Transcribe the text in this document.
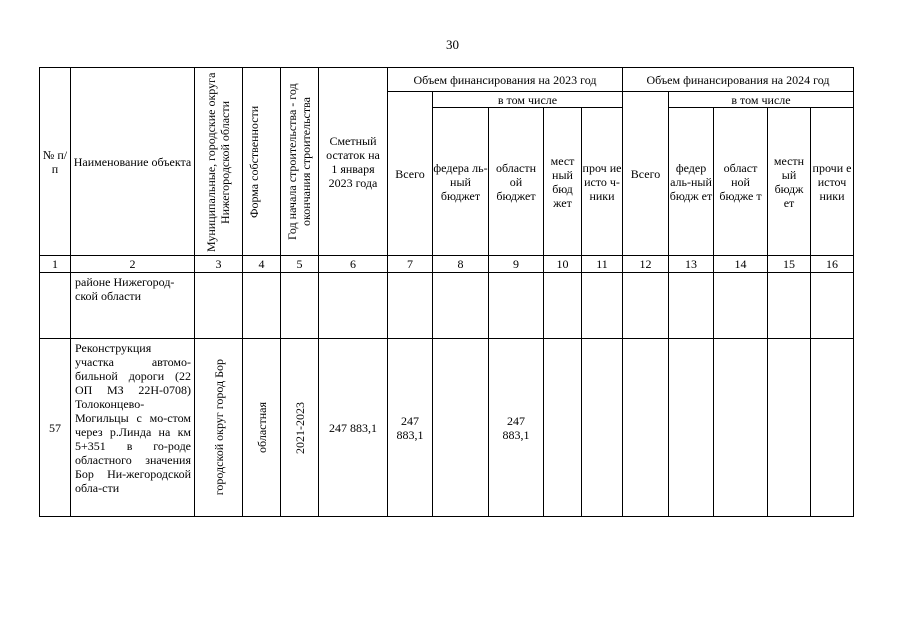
30
№ п/п	Наименование объекта	Муниципальные, городские округа Нижегородской области	Форма собственности	Год начала строительства - год окончания строительства	Сметный остаток на 1 января 2023 года	Объем финансирования на 2023 год					Объем финансирования на 2024 год				
						Всего	в том числе				Всего	в том числе			
							федера ль-ный бюджет	областн ой бюджет	мест ный бюд жет	проч ие исто ч-ники		федер аль-ный бюдж ет	област ной бюдже т	местн ый бюдж ет	прочи е источ ники

1	2	3	4	5	6	7	8	9	10	11	12	13	14	15	16
	районе Нижегород-ской области														
57	Реконструкция участка автомо-бильной дороги (22 ОП МЗ 22Н-0708) Толоконцево-Могильцы с мо-стом через р.Линда на км 5+351 в го-роде областного значения Бор Ни-жегородской обла-сти	городской округ город Бор	областная	2021-2023	247 883,1	247 883,1		247 883,1							
